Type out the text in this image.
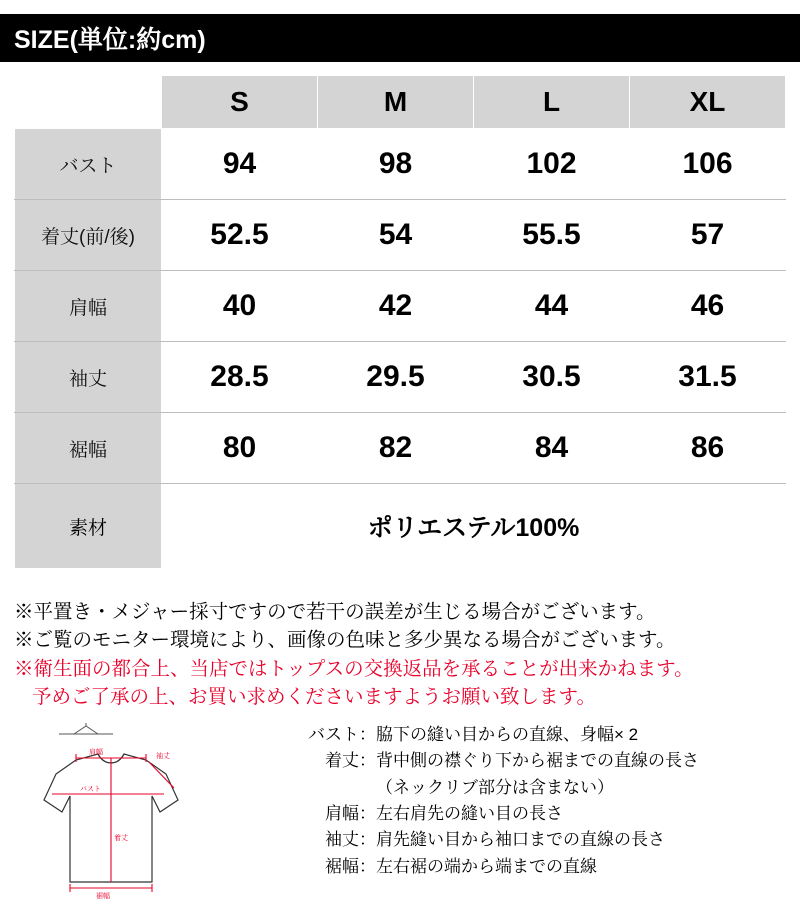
SIZE(単位:約cm)
	S	M	L	XL
バスト	94	98	102	106
着丈(前/後)	52.5	54	55.5	57
肩幅	40	42	44	46
袖丈	28.5	29.5	30.5	31.5
裾幅	80	82	84	86
素材	ポリエステル100%			
※平置き・メジャー採寸ですので若干の誤差が生じる場合がございます。
※ご覧のモニター環境により、画像の色味と多少異なる場合がございます。
※衛生面の都合上、当店ではトップスの交換返品を承ることが出来かねます。
予めご了承の上、お買い求めくださいますようお願い致します。
肩幅
袖丈
バスト
着丈
裾幅
バスト： 脇下の縫い目からの直線、身幅× 2
着丈： 背中側の襟ぐり下から裾までの直線の長さ
（ネックリブ部分は含まない）
肩幅： 左右肩先の縫い目の長さ
袖丈： 肩先縫い目から袖口までの直線の長さ
裾幅： 左右裾の端から端までの直線
